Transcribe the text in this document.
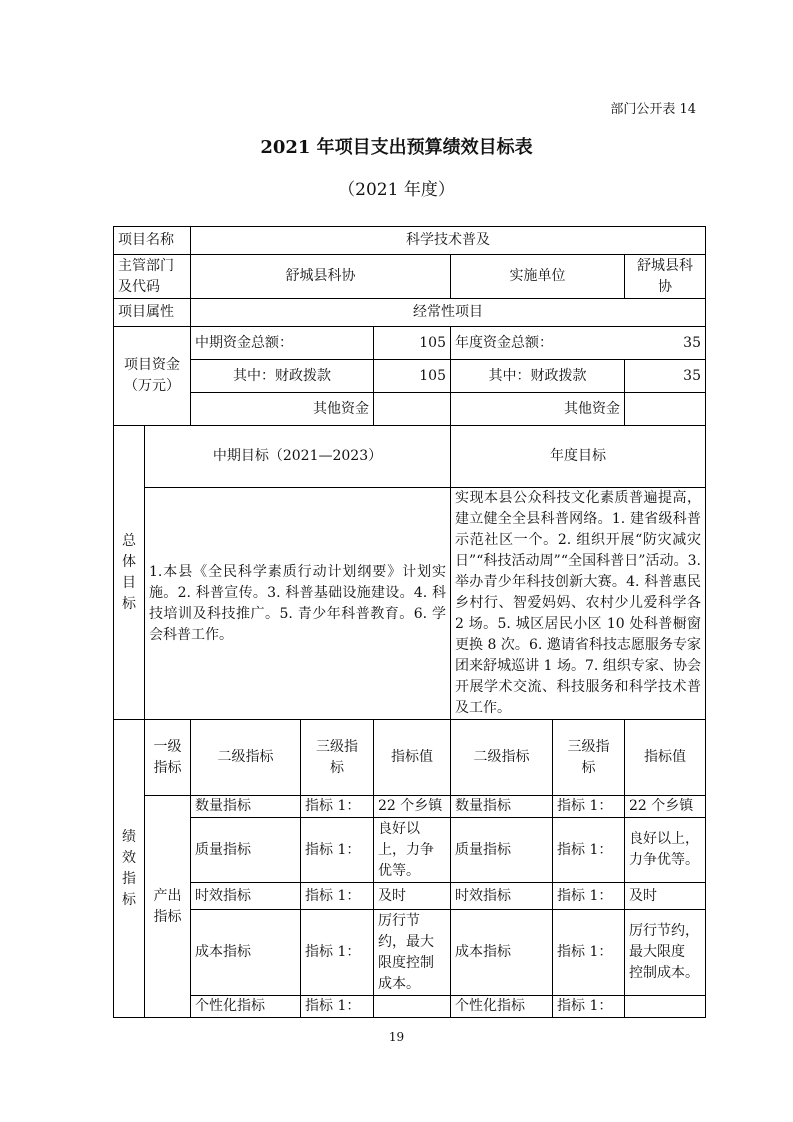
部门公开表 14
2021 年项目支出预算绩效目标表
（2021 年度）
项目名称		科学技术普及					
主管部门
及代码		舒城县科协			实施单位		舒城县科
协
项目属性		经常性项目					
项目资金
（万元）		中期资金总额：		105	年度资金总额： 35		

		其中：财政拨款		105	其中：财政拨款		35
		其他资金			其他资金		
总
体
目
标	中期目标（2021—2023）				年度目标		
	1.本县《全民科学素质行动计划纲要》计划实施。2. 科普宣传。3. 科普基础设施建设。4. 科技培训及科技推广。5. 青少年科普教育。6. 学会科普工作。				实现本县公众科技文化素质普遍提高，建立健全全县科普网络。1. 建省级科普示范社区一个。2. 组织开展“防灾减灾日”“科技活动周”“全国科普日”活动。3. 举办青少年科技创新大赛。4. 科普惠民乡村行、智爱妈妈、农村少儿爱科学各 2 场。5. 城区居民小区 10 处科普橱窗更换 8 次。6. 邀请省科技志愿服务专家团来舒城巡讲 1 场。7. 组织专家、协会开展学术交流、科技服务和科学技术普及工作。		
绩
效
指
标	一级
指标	二级指标	三级指
标	指标值	二级指标	三级指
标	指标值
	产出
指标	数量指标	指标 1：	22 个乡镇	数量指标	指标 1：	22 个乡镇
		质量指标	指标 1：	良好以
上，力争
优等。	质量指标	指标 1：	良好以上，
力争优等。
		时效指标	指标 1：	及时	时效指标	指标 1：	及时
		成本指标	指标 1：	厉行节
约，最大
限度控制
成本。	成本指标	指标 1：	厉行节约，
最大限度
控制成本。
		个性化指标	指标 1：		个性化指标	指标 1：	
19
